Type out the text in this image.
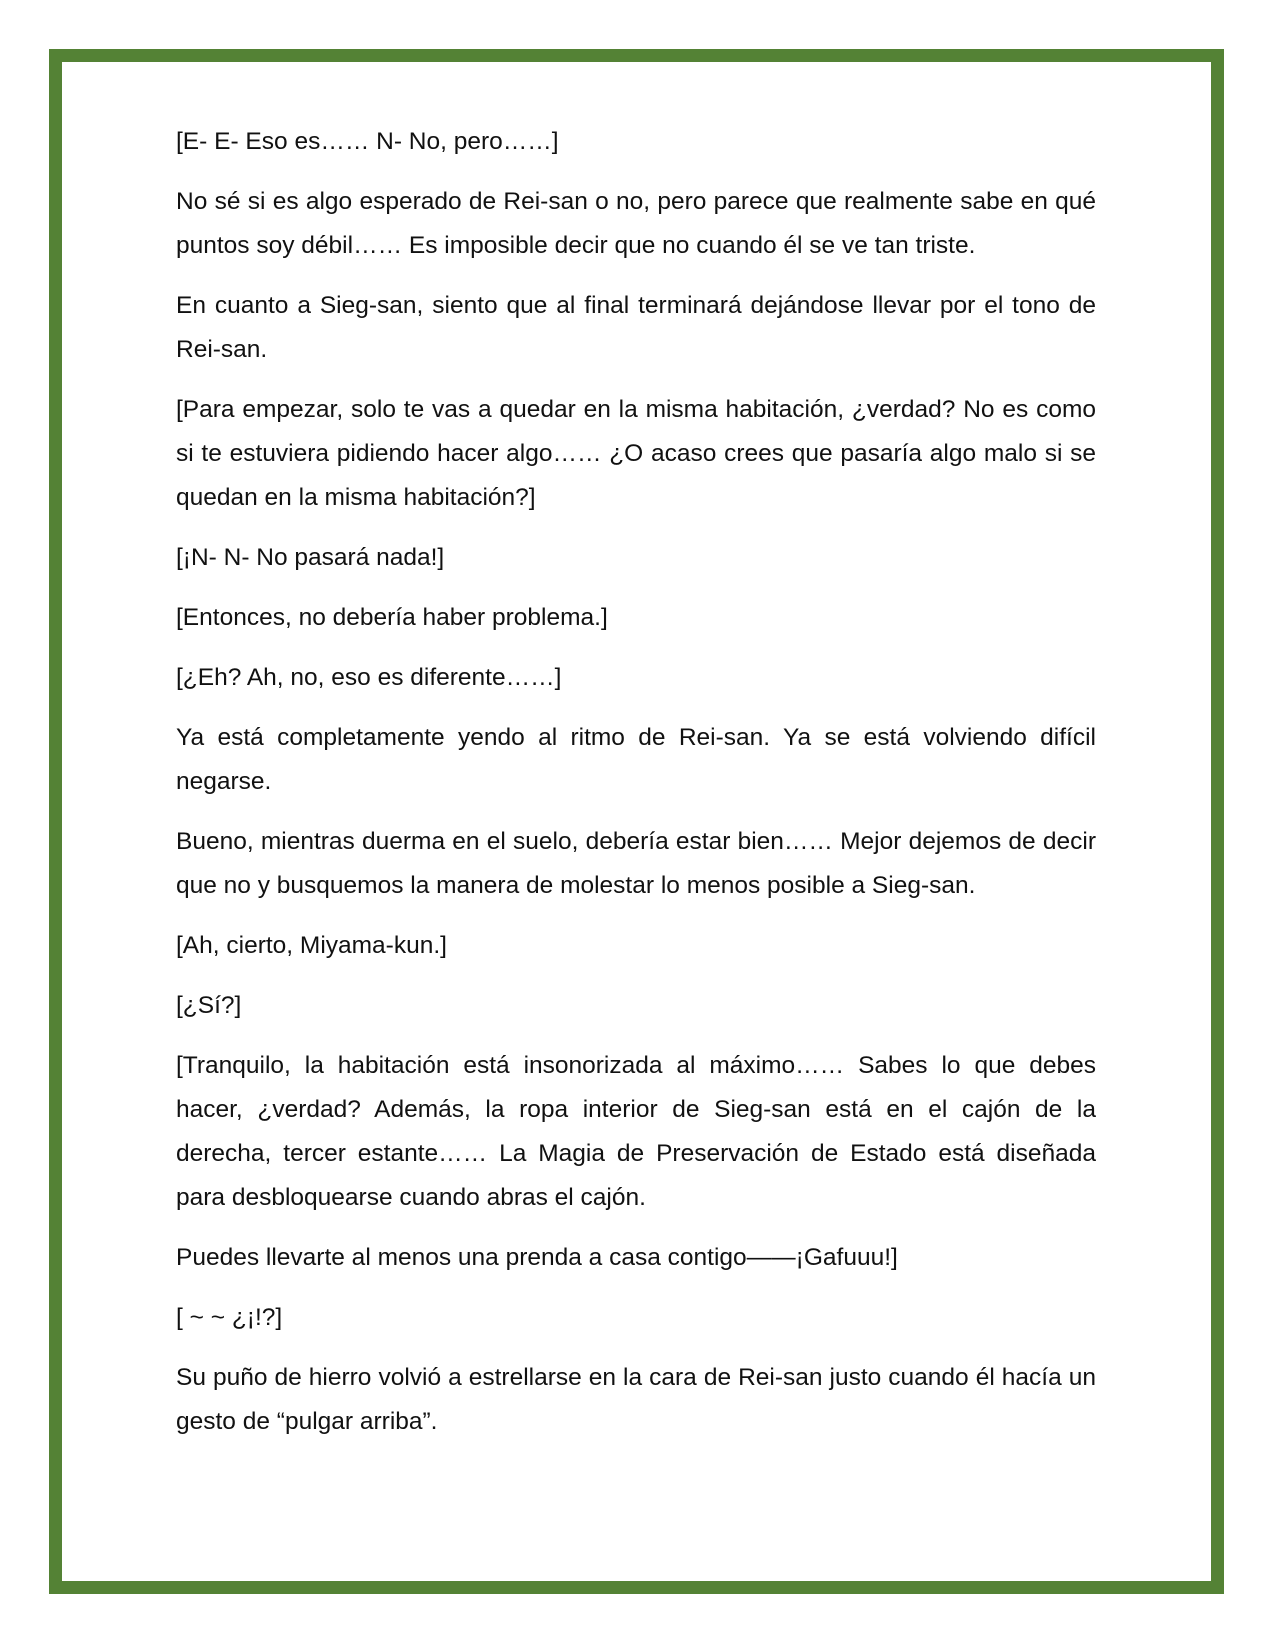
[E- E- Eso es…… N- No, pero……]

No sé si es algo esperado de Rei-san o no, pero parece que realmente sabe en qué puntos soy débil…… Es imposible decir que no cuando él se ve tan triste.

En cuanto a Sieg-san, siento que al final terminará dejándose llevar por el tono de Rei-san.

[Para empezar, solo te vas a quedar en la misma habitación, ¿verdad? No es como si te estuviera pidiendo hacer algo…… ¿O acaso crees que pasaría algo malo si se quedan en la misma habitación?]

[¡N- N- No pasará nada!]

[Entonces, no debería haber problema.]

[¿Eh? Ah, no, eso es diferente……]

Ya está completamente yendo al ritmo de Rei-san. Ya se está volviendo difícil negarse.

Bueno, mientras duerma en el suelo, debería estar bien…… Mejor dejemos de decir que no y busquemos la manera de molestar lo menos posible a Sieg-san.

[Ah, cierto, Miyama-kun.]

[¿Sí?]

[Tranquilo, la habitación está insonorizada al máximo…… Sabes lo que debes hacer, ¿verdad? Además, la ropa interior de Sieg-san está en el cajón de la derecha, tercer estante…… La Magia de Preservación de Estado está diseñada para desbloquearse cuando abras el cajón.

Puedes llevarte al menos una prenda a casa contigo——¡Gafuuu!]

[ ~ ~ ¿¡!?]

Su puño de hierro volvió a estrellarse en la cara de Rei-san justo cuando él hacía un gesto de “pulgar arriba”.
